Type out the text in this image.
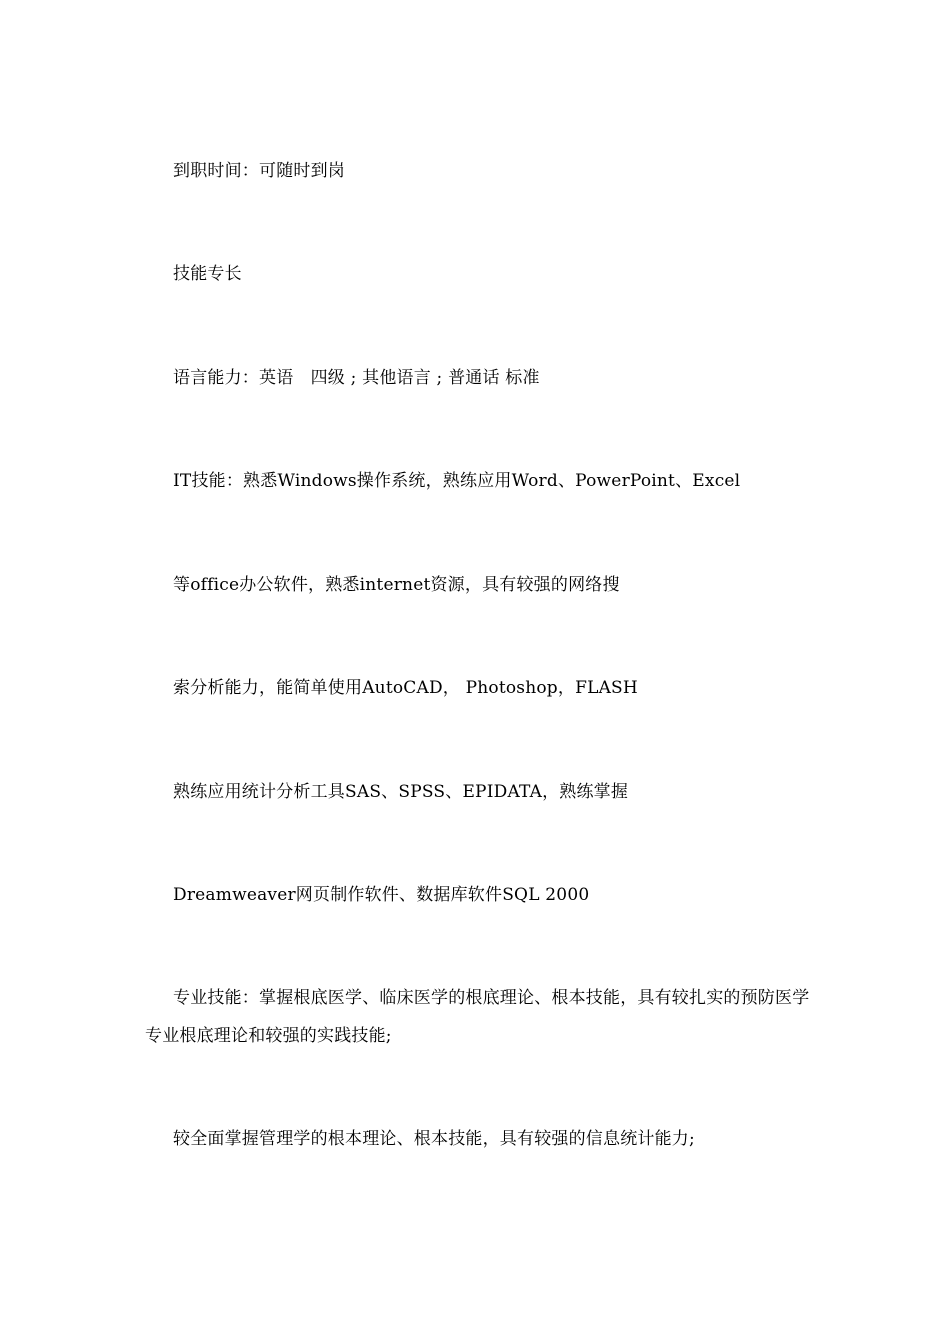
到职时间：可随时到岗
技能专长
语言能力：英语　四级 ; 其他语言 ; 普通话 标准
IT技能：熟悉Windows操作系统，熟练应用Word、PowerPoint、Excel
等office办公软件，熟悉internet资源，具有较强的网络搜
索分析能力，能简单使用AutoCAD， Photoshop，FLASH
熟练应用统计分析工具SAS、SPSS、EPIDATA，熟练掌握
Dreamweaver网页制作软件、数据库软件SQL 2000
专业技能：掌握根底医学、临床医学的根底理论、根本技能，具有较扎实的预防医学专业根底理论和较强的实践技能;
较全面掌握管理学的根本理论、根本技能，具有较强的信息统计能力;
